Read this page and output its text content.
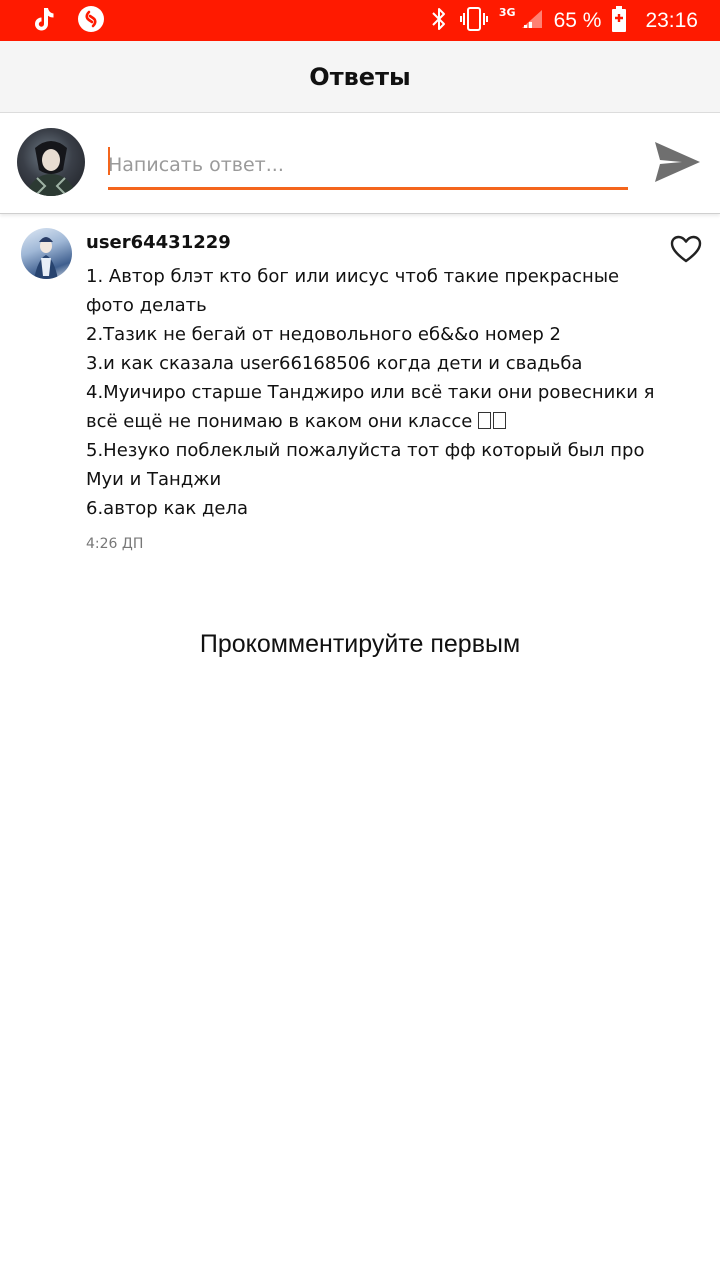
3G 65 % 23:16
Ответы
Написать ответ...
user64431229
1. Автор блэт кто бог или иисус чтоб такие прекрасные
фото делать
2.Тазик не бегай от недовольного еб&&о номер 2
3.и как сказала user66168506 когда дети и свадьба
4.Муичиро старше Танджиро или всё таки они ровесники я
всё ещё не понимаю в каком они классе
5.Незуко поблеклый пожалуйста тот фф который был про
Муи и Танджи
6.автор как дела
4:26 ДП
Прокомментируйте первым
